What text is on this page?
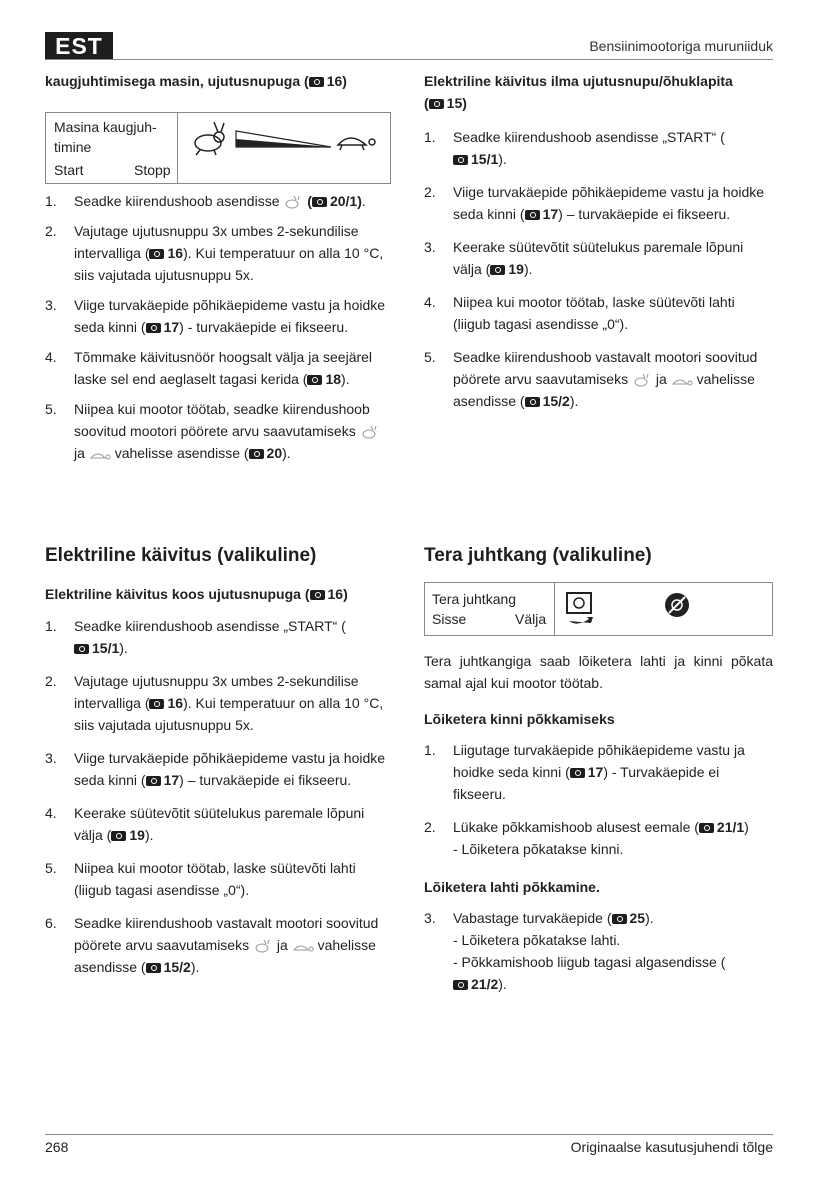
EST	Bensiinimootoriga muruniiduk
kaugjuhtimisega masin, ujutusnupuga ( 16)
Masina kaugjuh-
timine
Start	Stopp
1. Seadke kiirendushoob asendisse ( 20/1).
2. Vajutage ujutusnuppu 3x umbes 2-sekundilise intervalliga ( 16). Kui temperatuur on alla 10 °C, siis vajutada ujutusnuppu 5x.
3. Viige turvakäepide põhikäepideme vastu ja hoidke seda kinni ( 17) - turvakäepide ei fikseeru.
4. Tõmmake käivitusnöör hoogsalt välja ja seejärel laske sel end aeglaselt tagasi kerida ( 18).
5. Niipea kui mootor töötab, seadke kiirendushoob soovitud mootori pöörete arvu saavutamiseks  ja vahelisse asendisse ( 20).
Elektriline käivitus ilma ujutusnupu/õhuklapita
( 15)
1. Seadke kiirendushoob asendisse „START“ (15/1).
2. Viige turvakäepide põhikäepideme vastu ja hoidke seda kinni ( 17) – turvakäepide ei fikseeru.
3. Keerake süütevõtit süütelukus paremale lõpuni välja ( 19).
4. Niipea kui mootor töötab, laske süütevõti lahti (liigub tagasi asendisse „0“).
5. Seadke kiirendushoob vastavalt mootori soovitud pöörete arvu saavutamiseks ja vahelisse asendisse ( 15/2).
Elektriline käivitus (valikuline)
Elektriline käivitus koos ujutusnupuga ( 16)
1. Seadke kiirendushoob asendisse „START“ (15/1).
2. Vajutage ujutusnuppu 3x umbes 2-sekundilise intervalliga ( 16). Kui temperatuur on alla 10 °C, siis vajutada ujutusnuppu 5x.
3. Viige turvakäepide põhikäepideme vastu ja hoidke seda kinni ( 17) – turvakäepide ei fikseeru.
4. Keerake süütevõtit süütelukus paremale lõpuni välja ( 19).
5. Niipea kui mootor töötab, laske süütevõti lahti (liigub tagasi asendisse „0“).
6. Seadke kiirendushoob vastavalt mootori soovitud pöörete arvu saavutamiseks ja vahelisse asendisse ( 15/2).
Tera juhtkang (valikuline)
Tera juhtkang
Sisse	Välja
Tera juhtkangiga saab lõiketera lahti ja kinni põkata samal ajal kui mootor töötab.
Lõiketera kinni põkkamiseks
1. Liigutage turvakäepide põhikäepideme vastu ja hoidke seda kinni ( 17) - Turvakäepide ei fikseeru.
2. Lükake põkkamishoob alusest eemale ( 21/1)
- Lõiketera põkatakse kinni.
Lõiketera lahti põkkamine.
3. Vabastage turvakäepide ( 25).
- Lõiketera põkatakse lahti.
- Põkkamishoob liigub tagasi algasendisse (21/2).
268	Originaalse kasutusjuhendi tõlge
